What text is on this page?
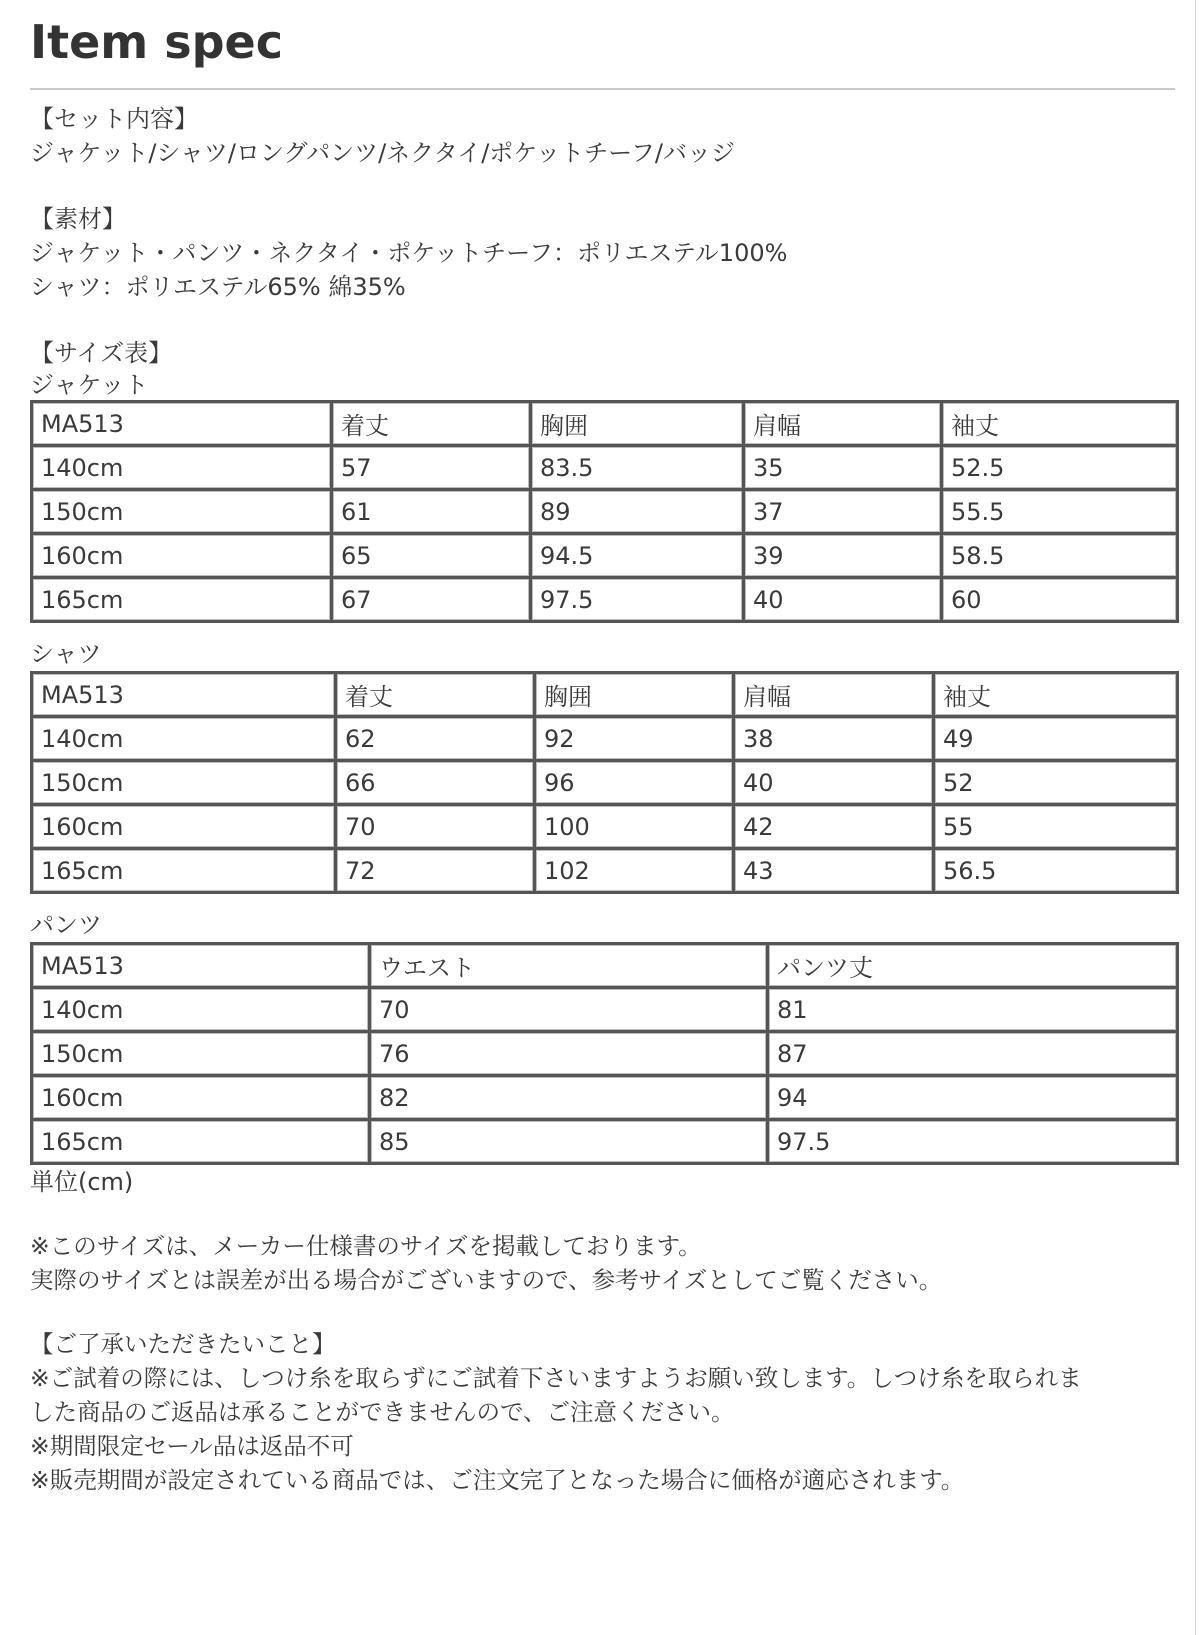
Item spec

【セット内容】

ジャケット/シャツ/ロングパンツ/ネクタイ/ポケットチーフ/バッジ

【素材】

ジャケット・パンツ・ネクタイ・ポケットチーフ：ポリエステル100%

シャツ：ポリエステル65% 綿35%

【サイズ表】

ジャケット

MA513	着丈	胸囲	肩幅	袖丈
140cm	57	83.5	35	52.5
150cm	61	89	37	55.5
160cm	65	94.5	39	58.5
165cm	67	97.5	40	60

シャツ

MA513	着丈	胸囲	肩幅	袖丈
140cm	62	92	38	49
150cm	66	96	40	52
160cm	70	100	42	55
165cm	72	102	43	56.5

パンツ

MA513	ウエスト	パンツ丈
140cm	70	81
150cm	76	87
160cm	82	94
165cm	85	97.5

単位(cm)

※このサイズは、メーカー仕様書のサイズを掲載しております。

実際のサイズとは誤差が出る場合がございますので、参考サイズとしてご覧ください。

【ご了承いただきたいこと】

※ご試着の際には、しつけ糸を取らずにご試着下さいますようお願い致します。しつけ糸を取られま

した商品のご返品は承ることができませんので、ご注意ください。

※期間限定セール品は返品不可

※販売期間が設定されている商品では、ご注文完了となった場合に価格が適応されます。
